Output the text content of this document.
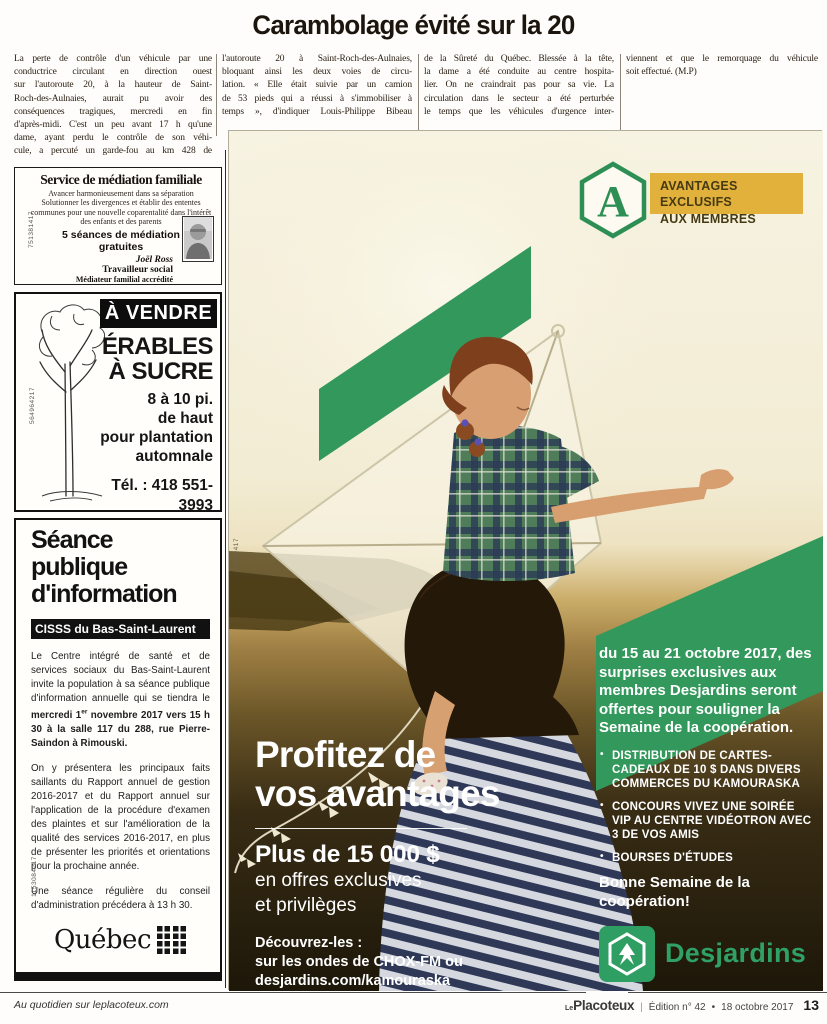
Carambolage évité sur la 20
La perte de contrôle d'un véhicule par une
conductrice circulant en direction ouest
sur l'autoroute 20, à la hauteur de Saint-
Roch-des-Aulnaies, aurait pu avoir des
conséquences tragiques, mercredi en fin
d'après-midi. C'est un peu avant 17 h qu'une
dame, ayant perdu le contrôle de son véhi-
cule, a percuté un garde-fou au km 428 de
l'autoroute 20 à Saint-Roch-des-Aulnaies,
bloquant ainsi les deux voies de circu-
lation. « Elle était suivie par un camion
de 53 pieds qui a réussi à s'immobiliser à
temps », d'indiquer Louis-Philippe Bibeau
de la Sûreté du Québec. Blessée à la tête,
la dame a été conduite au centre hospita-
lier. On ne craindrait pas pour sa vie. La
circulation dans le secteur a été perturbée
le temps que les véhicules d'urgence inter-
viennent et que le remorquage du véhicule
soit effectué. (M.P)
751381417
Service de médiation familiale
Avancer harmonieusement dans sa séparation
Solutionner les divergences et établir des ententes communes pour une nouvelle coparentalité dans l'intérêt des enfants et des parents
5 séances de médiation
gratuites
Joël Ross
Travailleur social
Médiateur familial accrédité
564964217
À VENDRE
ÉRABLES
À SUCRE
8 à 10 pi.
de haut
pour plantation
automnale
Tél. : 418 551-3993
1153084217
Séance
publique
d'information
CISSS du Bas-Saint-Laurent
Le Centre intégré de santé et de services sociaux du Bas-Saint-Laurent invite la population à sa séance publique d'information annuelle qui se tiendra le mercredi 1er novembre 2017 vers 15 h 30 à la salle 117 du 288, rue Pierre-Saindon à Rimouski.
On y présentera les principaux faits saillants du Rapport annuel de gestion 2016-2017 et du Rapport annuel sur l'application de la procédure d'examen des plaintes et sur l'amélioration de la qualité des services 2016-2017, en plus de présenter les priorités et orientations pour la prochaine année.
Une séance régulière du conseil d'administration précédera à 13 h 30.
Québec
A AVANTAGES EXCLUSIFS
AUX MEMBRES
Profitez de
vos avantages
Plus de 15 000 $
en offres exclusives
et privilèges
Découvrez-les :
sur les ondes de CHOX-FM ou
desjardins.com/kamouraska
du 15 au 21 octobre 2017, des surprises exclusives aux membres Desjardins seront offertes pour souligner la Semaine de la coopération.
• DISTRIBUTION DE CARTES-CADEAUX DE 10 $ DANS DIVERS COMMERCES DU KAMOURASKA
• CONCOURS VIVEZ UNE SOIRÉE VIP AU CENTRE VIDÉOTRON AVEC 3 DE VOS AMIS
• BOURSES D'ÉTUDES
Bonne Semaine de la coopération!
Desjardins
61939417
Au quotidien sur leplacoteux.com	LePlacoteux | Édition n° 42 • 18 octobre 2017 13
